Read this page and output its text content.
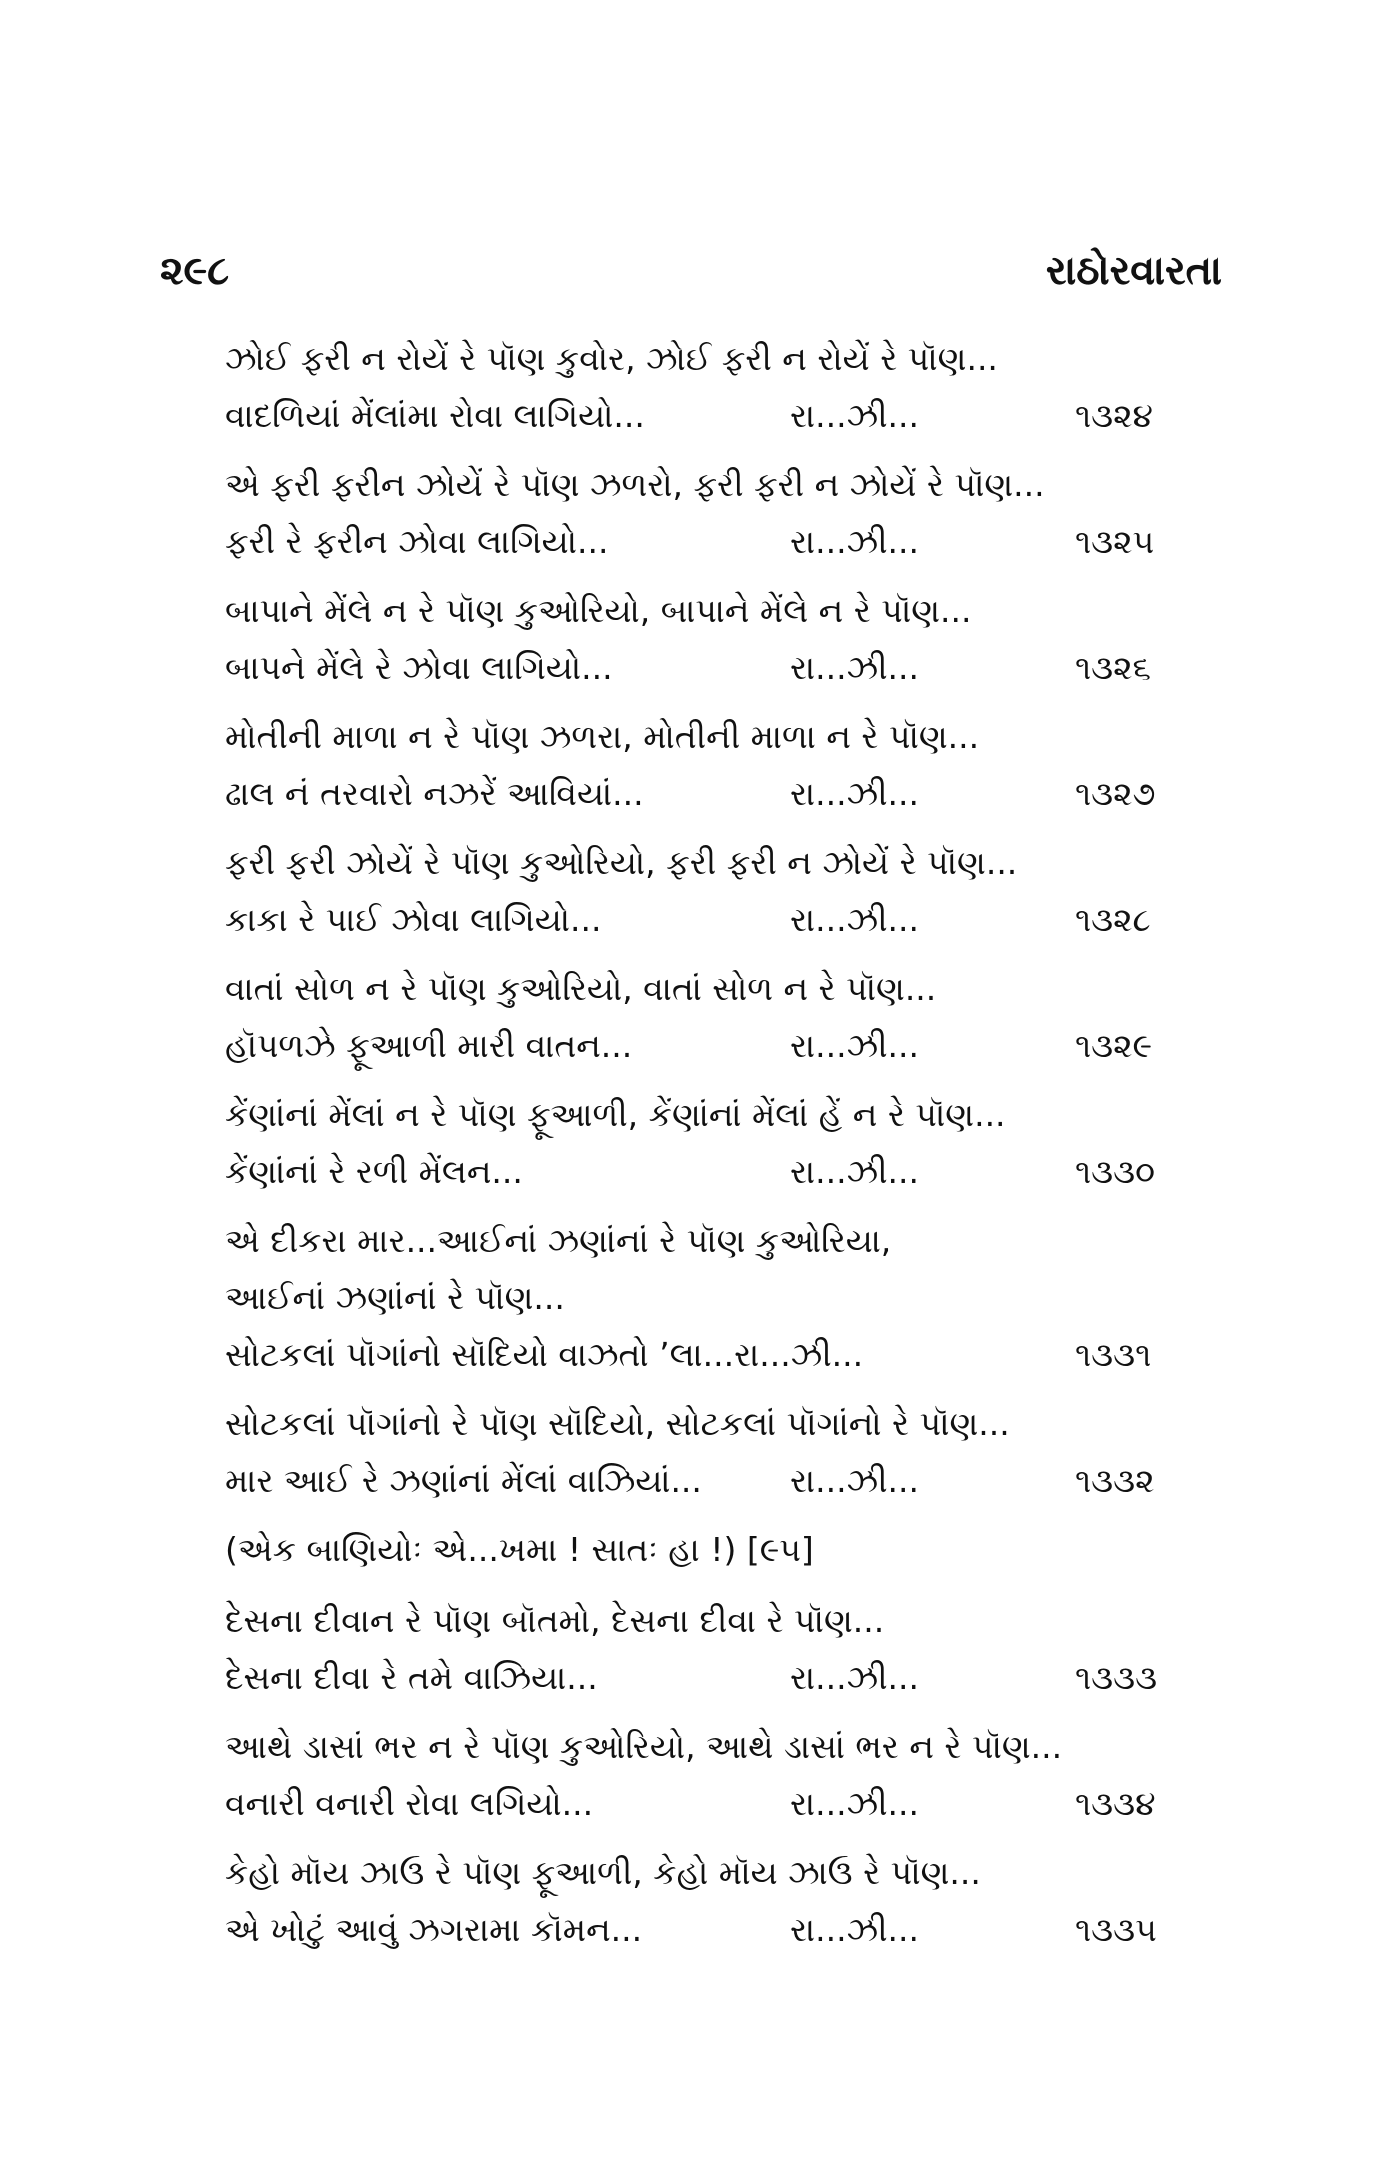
૨૯૮	રાઠોરવારતા
ઝોઈ ફરી ન રોયેં રે પૉણ કુવોર, ઝોઈ ફરી ન રોયેં રે પૉણ...
વાદળિયાં મેંલાંમા રોવા લાગિયો...	રા...ઝી...	૧૩૨૪
એ ફરી ફરીન ઝોયેં રે પૉણ ઝળરો, ફરી ફરી ન ઝોયેં રે પૉણ...
ફરી રે ફરીન ઝોવા લાગિયો...	રા...ઝી...	૧૩૨૫
બાપાને મેંલે ન રે પૉણ કુઓરિયો, બાપાને મેંલે ન રે પૉણ...
બાપને મેંલે રે ઝોવા લાગિયો...	રા...ઝી...	૧૩૨૬
મોતીની માળા ન રે પૉણ ઝળરા, મોતીની માળા ન રે પૉણ...
ઢાલ નં તરવારો નઝરેં આવિયાં...	રા...ઝી...	૧૩૨૭
ફરી ફરી ઝોયેં રે પૉણ કુઓરિયો, ફરી ફરી ન ઝોયેં રે પૉણ...
કાકા રે પાઈ ઝોવા લાગિયો...	રા...ઝી...	૧૩૨૮
વાતાં સોળ ન રે પૉણ કુઓરિયો, વાતાં સોળ ન રે પૉણ...
હૉપળઝે ફૂઆળી મારી વાતન...	રા...ઝી...	૧૩૨૯
કેંણાંનાં મેંલાં ન રે પૉણ ફૂઆળી, કેંણાંનાં મેંલાં હેં ન રે પૉણ...
કેંણાંનાં રે રળી મેંલન...	રા...ઝી...	૧૩૩૦
એ દીકરા માર...આઈનાં ઝણાંનાં રે પૉણ કુઓરિયા,
આઈનાં ઝણાંનાં રે પૉણ...
સોટકલાં પૉગાંનો સૉદિયો વાઝતો ’લા...રા...ઝી...	૧૩૩૧
સોટકલાં પૉગાંનો રે પૉણ સૉદિયો, સોટકલાં પૉગાંનો રે પૉણ...
માર આઈ રે ઝણાંનાં મેંલાં વાઝિયાં...	રા...ઝી...	૧૩૩૨
(એક બાણિયોઃ એ...ખમા ! સાતઃ હા !) [૯૫]
દેસના દીવાન રે પૉણ બૉતમો, દેસના દીવા રે પૉણ...
દેસના દીવા રે તમે વાઝિયા...	રા...ઝી...	૧૩૩૩
આથે ડાસાં ભર ન રે પૉણ કુઓરિયો, આથે ડાસાં ભર ન રે પૉણ...
વનારી વનારી રોવા લગિયો...	રા...ઝી...	૧૩૩૪
કેહો મૉય ઝાઉ રે પૉણ ફૂઆળી, કેહો મૉય ઝાઉ રે પૉણ...
એ ખોટું આવું ઝગરામા કૉમન...	રા...ઝી...	૧૩૩૫
